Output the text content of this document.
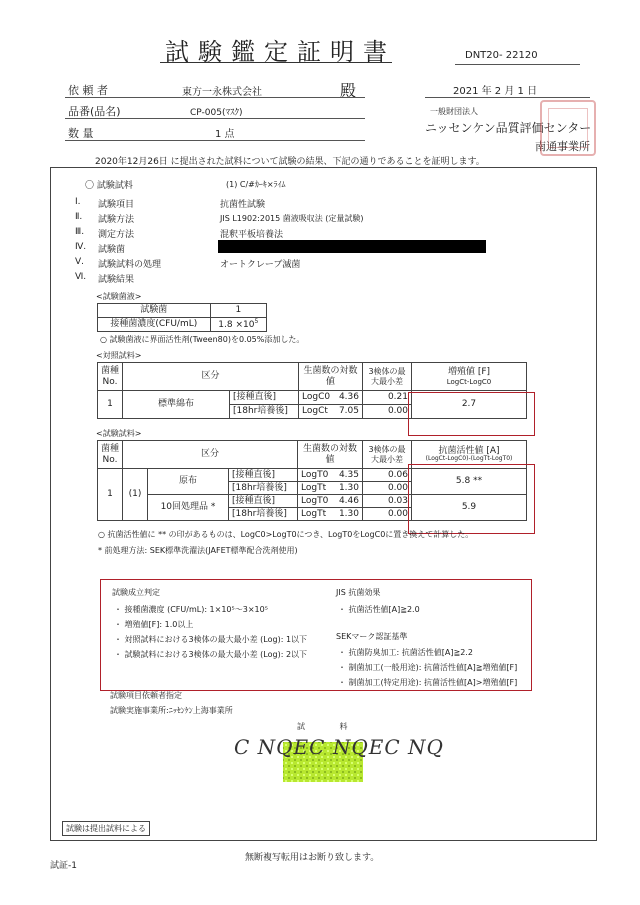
試験鑑定証明書	DNT20- 22120
依 頼 者	東方一永株式会社	殿	2021 年 2 月 1 日
品番(品名)	CP-005(ﾏｽｸ)
数 量	1 点
一般財団法人
ニッセンケン品質評価センター
南通事業所
2020年12月26日 に提出された試料について試験の結果、下記の通りであることを証明します。
〇 試験試料	(1) C/#ｶｰｷ×ﾗｲﾑ
Ⅰ. 試験項目	抗菌性試験
Ⅱ. 試験方法	JIS L1902:2015 菌液吸収法 (定量試験)
Ⅲ. 測定方法	混釈平板培養法
Ⅳ. 試験菌
Ⅴ. 試験試料の処理	オートクレーブ滅菌
Ⅵ. 試験結果
<試験菌液>
試験菌	1
接種菌濃度(CFU/mL)	$1.8 \times 10^5$
○ 試験菌液に界面活性剤(Tween80)を0.05%添加した。
<対照試料>
菌種No.	区分		生菌数の対数値		3検体の最大最小差	増殖値 [F]
LogCt-LogC0

1	標準綿布	[接種直後]	LogC0	4.36	0.21	2.7
		[18hr培養後]	LogCt	7.05	0.00	
<試験試料>
菌種No.	区分			生菌数の対数値		3検体の最大最小差	抗菌活性値 [A]
(LogCt-LogC0)-(LogTt-LogT0)

1	(1)	原布	[接種直後]	LogT0	4.35	0.06	5.8 **
			[18hr培養後]	LogTt	1.30	0.00	
		10回処理品 *	[接種直後]	LogT0	4.46	0.03	5.9
			[18hr培養後]	LogTt	1.30	0.00	
○ 抗菌活性値に ** の印があるものは、LogC0>LogT0につき、LogT0をLogC0に置き換えて計算した。
* 前処理方法: SEK標準洗濯法(JAFET標準配合洗剤使用)
試験成立判定
・ 接種菌濃度 (CFU/mL): 1×10⁵～3×10⁵
・ 増殖値[F]: 1.0以上
・ 対照試料における3検体の最大最小差 (Log): 1以下
・ 試験試料における3検体の最大最小差 (Log): 2以下
JIS 抗菌効果
・ 抗菌活性値[A]≧2.0
SEKマーク認証基準
・ 抗菌防臭加工: 抗菌活性値[A]≧2.2
・ 制菌加工(一般用途): 抗菌活性値[A]≧増殖値[F]
・ 制菌加工(特定用途): 抗菌活性値[A]>増殖値[F]
試験項目依頼者指定
試験実施事業所:ﾆｯｾﾝｹﾝ上海事業所
試 料
C NQEC NQEC NQ
試験は提出試料による
無断複写転用はお断り致します。
試証-1
